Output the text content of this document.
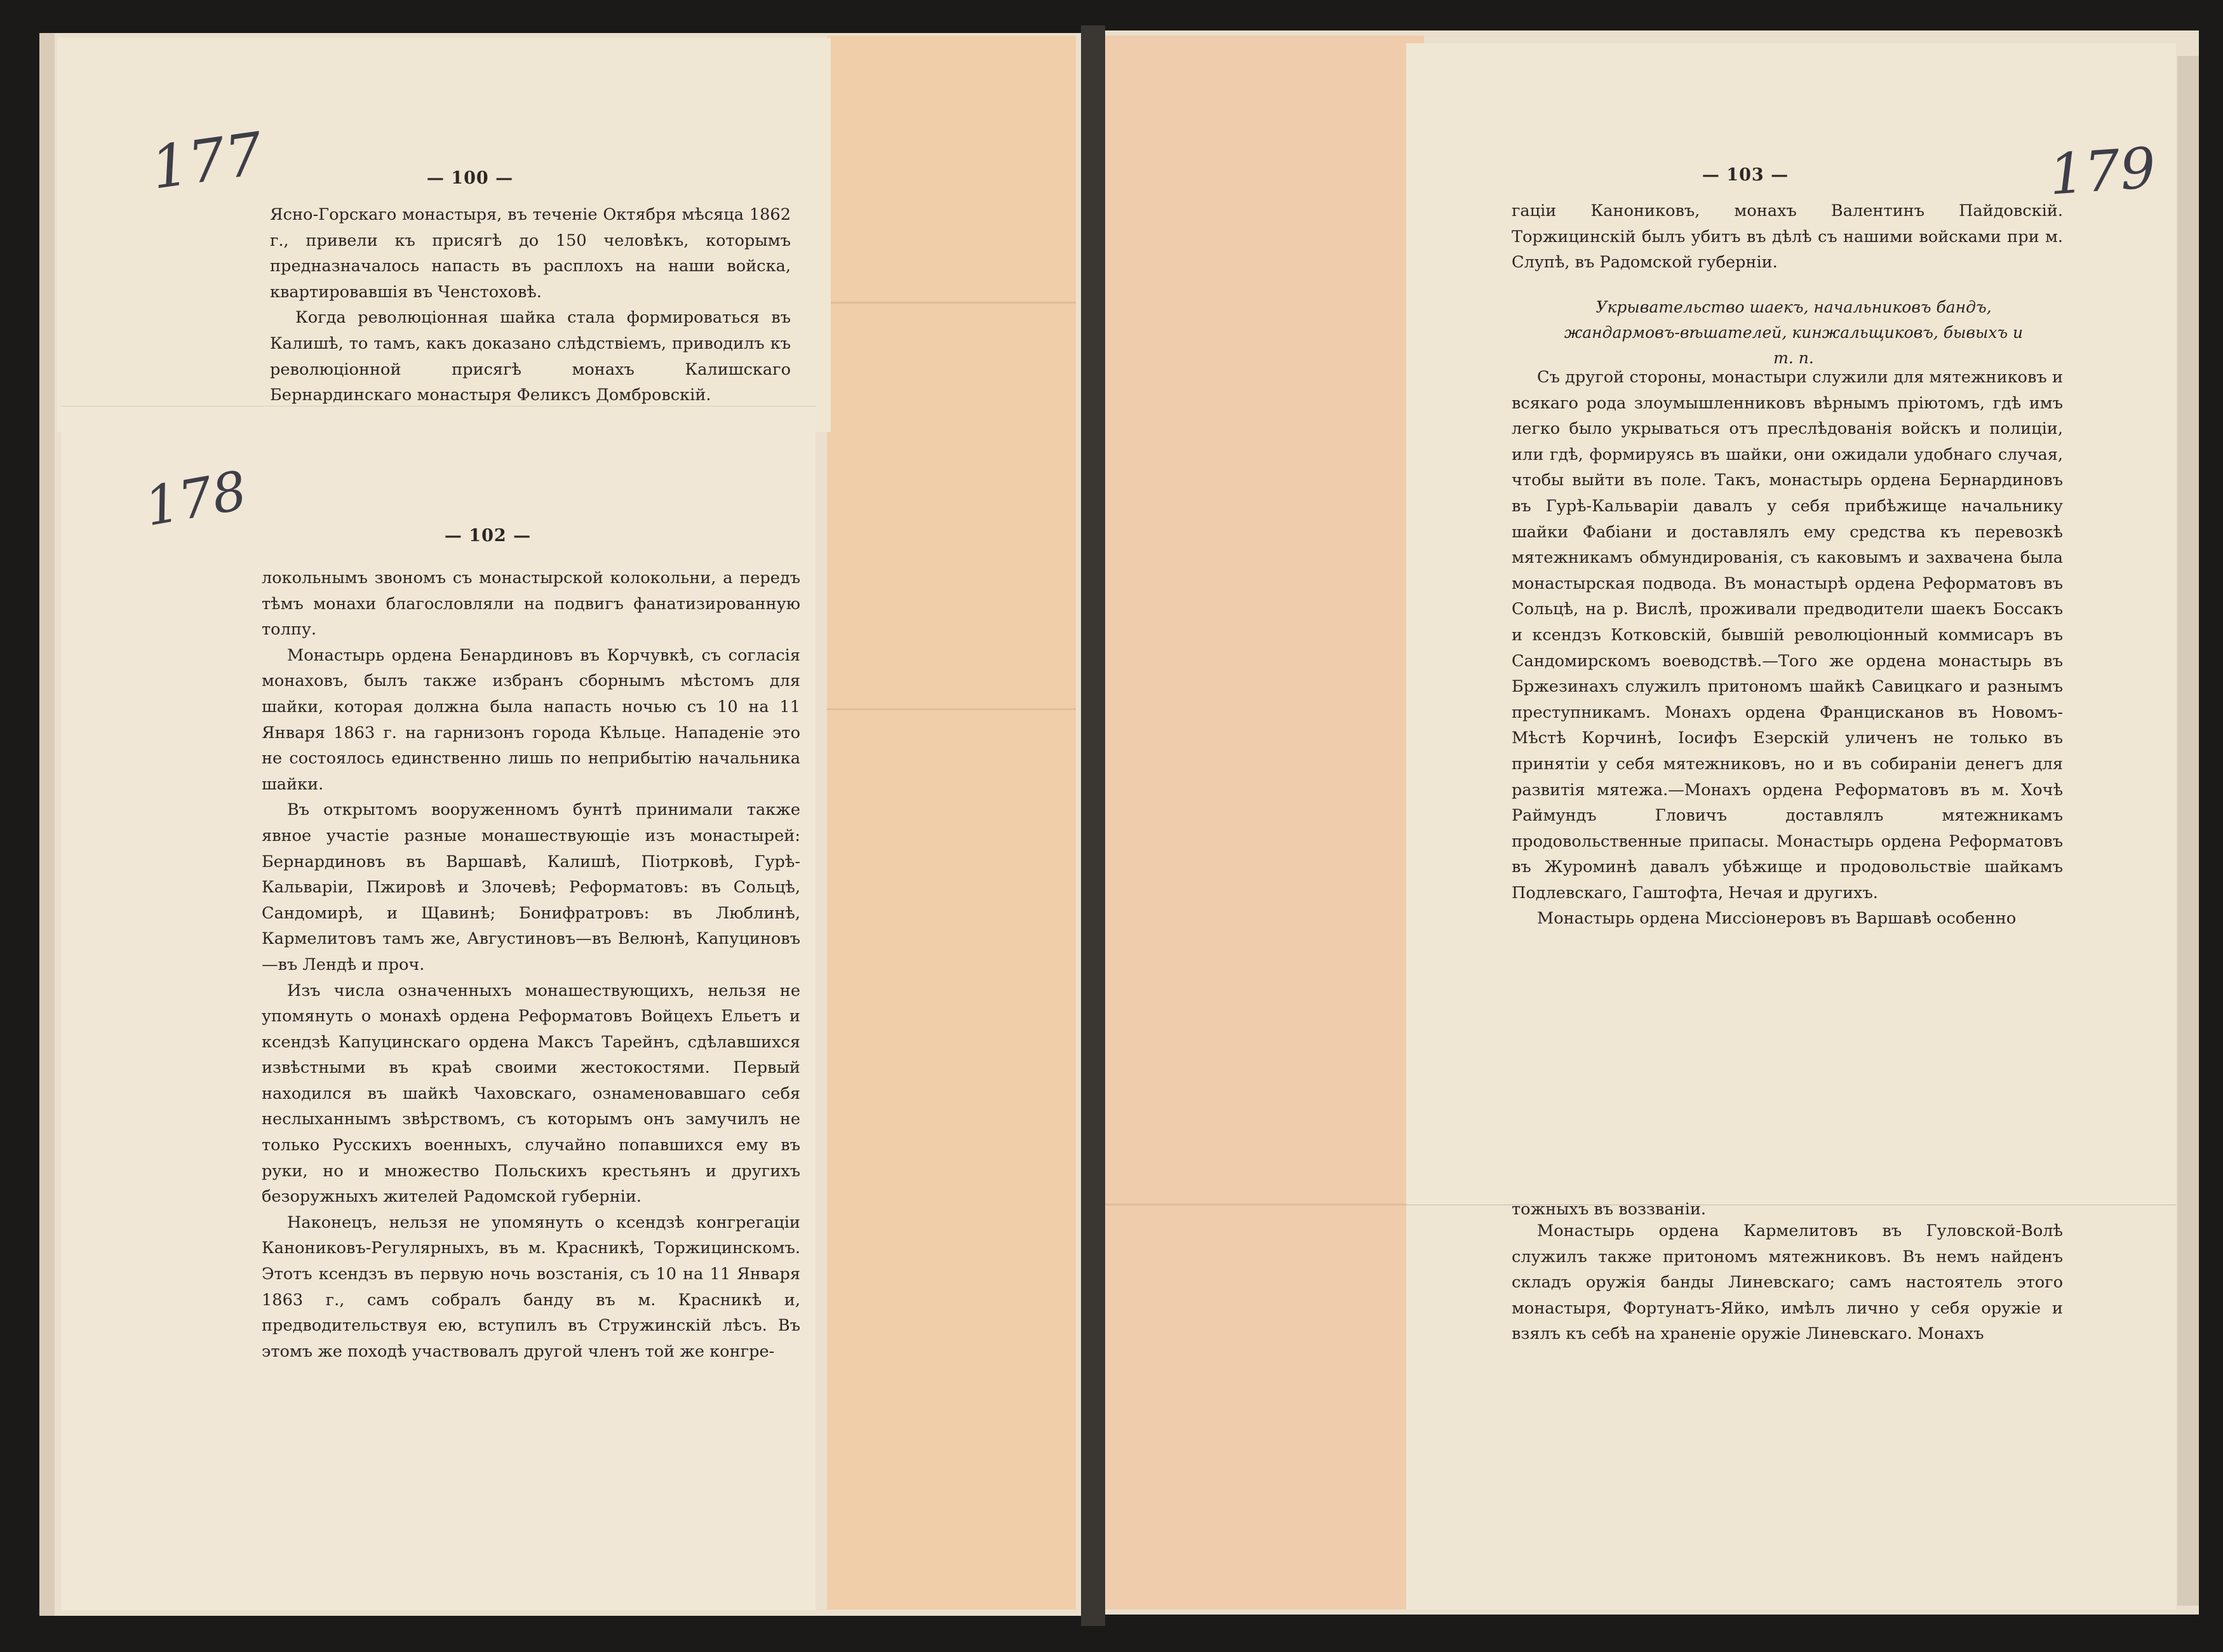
177	— 100 —

Ясно-Горскаго монастыря, въ теченіе Октября мѣсяца 1862 г., привели къ присягѣ до 150 человѣкъ, которымъ предназначалось напасть въ расплохъ на наши войска, квартировавшія въ Ченстоховѣ.

Когда революціонная шайка стала формироваться въ Калишѣ, то тамъ, какъ доказано слѣдствіемъ, приводилъ къ революціонной присягѣ монахъ Калишскаго Бернардинскаго монастыря Феликсъ Домбровскій.

178	— 102 —

локольнымъ звономъ съ монастырской колокольни, а передъ тѣмъ монахи благословляли на подвигъ фанатизированную толпу.

Монастырь ордена Бенардиновъ въ Корчувкѣ, съ согласія монаховъ, былъ также избранъ сборнымъ мѣстомъ для шайки, которая должна была напасть ночью съ 10 на 11 Января 1863 г. на гарнизонъ города Кѣльце. Нападеніе это не состоялось единственно лишь по неприбытію начальника шайки.

Въ открытомъ вооруженномъ бунтѣ принимали также явное участіе разные монашествующіе изъ монастырей: Бернардиновъ въ Варшавѣ, Калишѣ, Піотрковѣ, Гурѣ-Кальваріи, Пжировѣ и Злочевѣ; Реформатовъ: въ Сольцѣ, Сандомирѣ, и Щавинѣ; Бонифратровъ: въ Люблинѣ, Кармелитовъ тамъ же, Августиновъ—въ Велюнѣ, Капуциновъ—въ Лендѣ и проч.

Изъ числа означенныхъ монашествующихъ, нельзя не упомянуть о монахѣ ордена Реформатовъ Войцехъ Ельетъ и ксендзѣ Капуцинскаго ордена Максъ Тарейнъ, сдѣлавшихся извѣстными въ краѣ своими жестокостями. Первый находился въ шайкѣ Чаховскаго, ознаменовавшаго себя неслыханнымъ звѣрствомъ, съ которымъ онъ замучилъ не только Русскихъ военныхъ, случайно попавшихся ему въ руки, но и множество Польскихъ крестьянъ и другихъ безоружныхъ жителей Радомской губерніи.

Наконецъ, нельзя не упомянуть о ксендзѣ конгрегаціи Канониковъ-Регулярныхъ, въ м. Красникѣ, Торжицинскомъ. Этотъ ксендзъ въ первую ночь возстанія, съ 10 на 11 Января 1863 г., самъ собралъ банду въ м. Красникѣ и, предводительствуя ею, вступилъ въ Стружинскій лѣсъ. Въ этомъ же походѣ участвовалъ другой членъ той же конгре-

179
— 103 —

гаціи Канониковъ, монахъ Валентинъ Пайдовскій. Торжицинскій былъ убитъ въ дѣлѣ съ нашими войсками при м. Слупѣ, въ Радомской губерніи.

Укрывательство шаекъ, начальниковъ бандъ, жандармовъ-вѣшателей, кинжальщиковъ, бывыхъ и т. п.

Съ другой стороны, монастыри служили для мятежниковъ и всякаго рода злоумышленниковъ вѣрнымъ пріютомъ, гдѣ имъ легко было укрываться отъ преслѣдованія войскъ и полиціи, или гдѣ, формируясь въ шайки, они ожидали удобнаго случая, чтобы выйти въ поле. Такъ, монастырь ордена Бернардиновъ въ Гурѣ-Кальваріи давалъ у себя прибѣжище начальнику шайки Фабіани и доставлялъ ему средства къ перевозкѣ мятежникамъ обмундированія, съ каковымъ и захвачена была монастырская подвода. Въ монастырѣ ордена Реформатовъ въ Сольцѣ, на р. Вислѣ, проживали предводители шаекъ Боссакъ и ксендзъ Котковскій, бывшій революціонный коммисаръ въ Сандомирскомъ воеводствѣ.—Того же ордена монастырь въ Бржезинахъ служилъ притономъ шайкѣ Савицкаго и разнымъ преступникамъ. Монахъ ордена Францисканов въ Новомъ-Мѣстѣ Корчинѣ, Іосифъ Езерскій уличенъ не только въ принятіи у себя мятежниковъ, но и въ собираніи денегъ для развитія мятежа.—Монахъ ордена Реформатовъ въ м. Хочѣ Раймундъ Гловичъ доставлялъ мятежникамъ продовольственные припасы. Монастырь ордена Реформатовъ въ Журоминѣ давалъ убѣжище и продовольствіе шайкамъ Подлевскаго, Гаштофта, Нечая и другихъ.

Монастырь ордена Миссіонеровъ въ Варшавѣ особенно

тожныхъ въ воззваніи.

Монастырь ордена Кармелитовъ въ Гуловской-Волѣ служилъ также притономъ мятежниковъ. Въ немъ найденъ складъ оружія банды Линевскаго; самъ настоятель этого монастыря, Фортунатъ-Яйко, имѣлъ лично у себя оружіе и взялъ къ себѣ на храненіе оружіе Линевскаго. Монахъ
